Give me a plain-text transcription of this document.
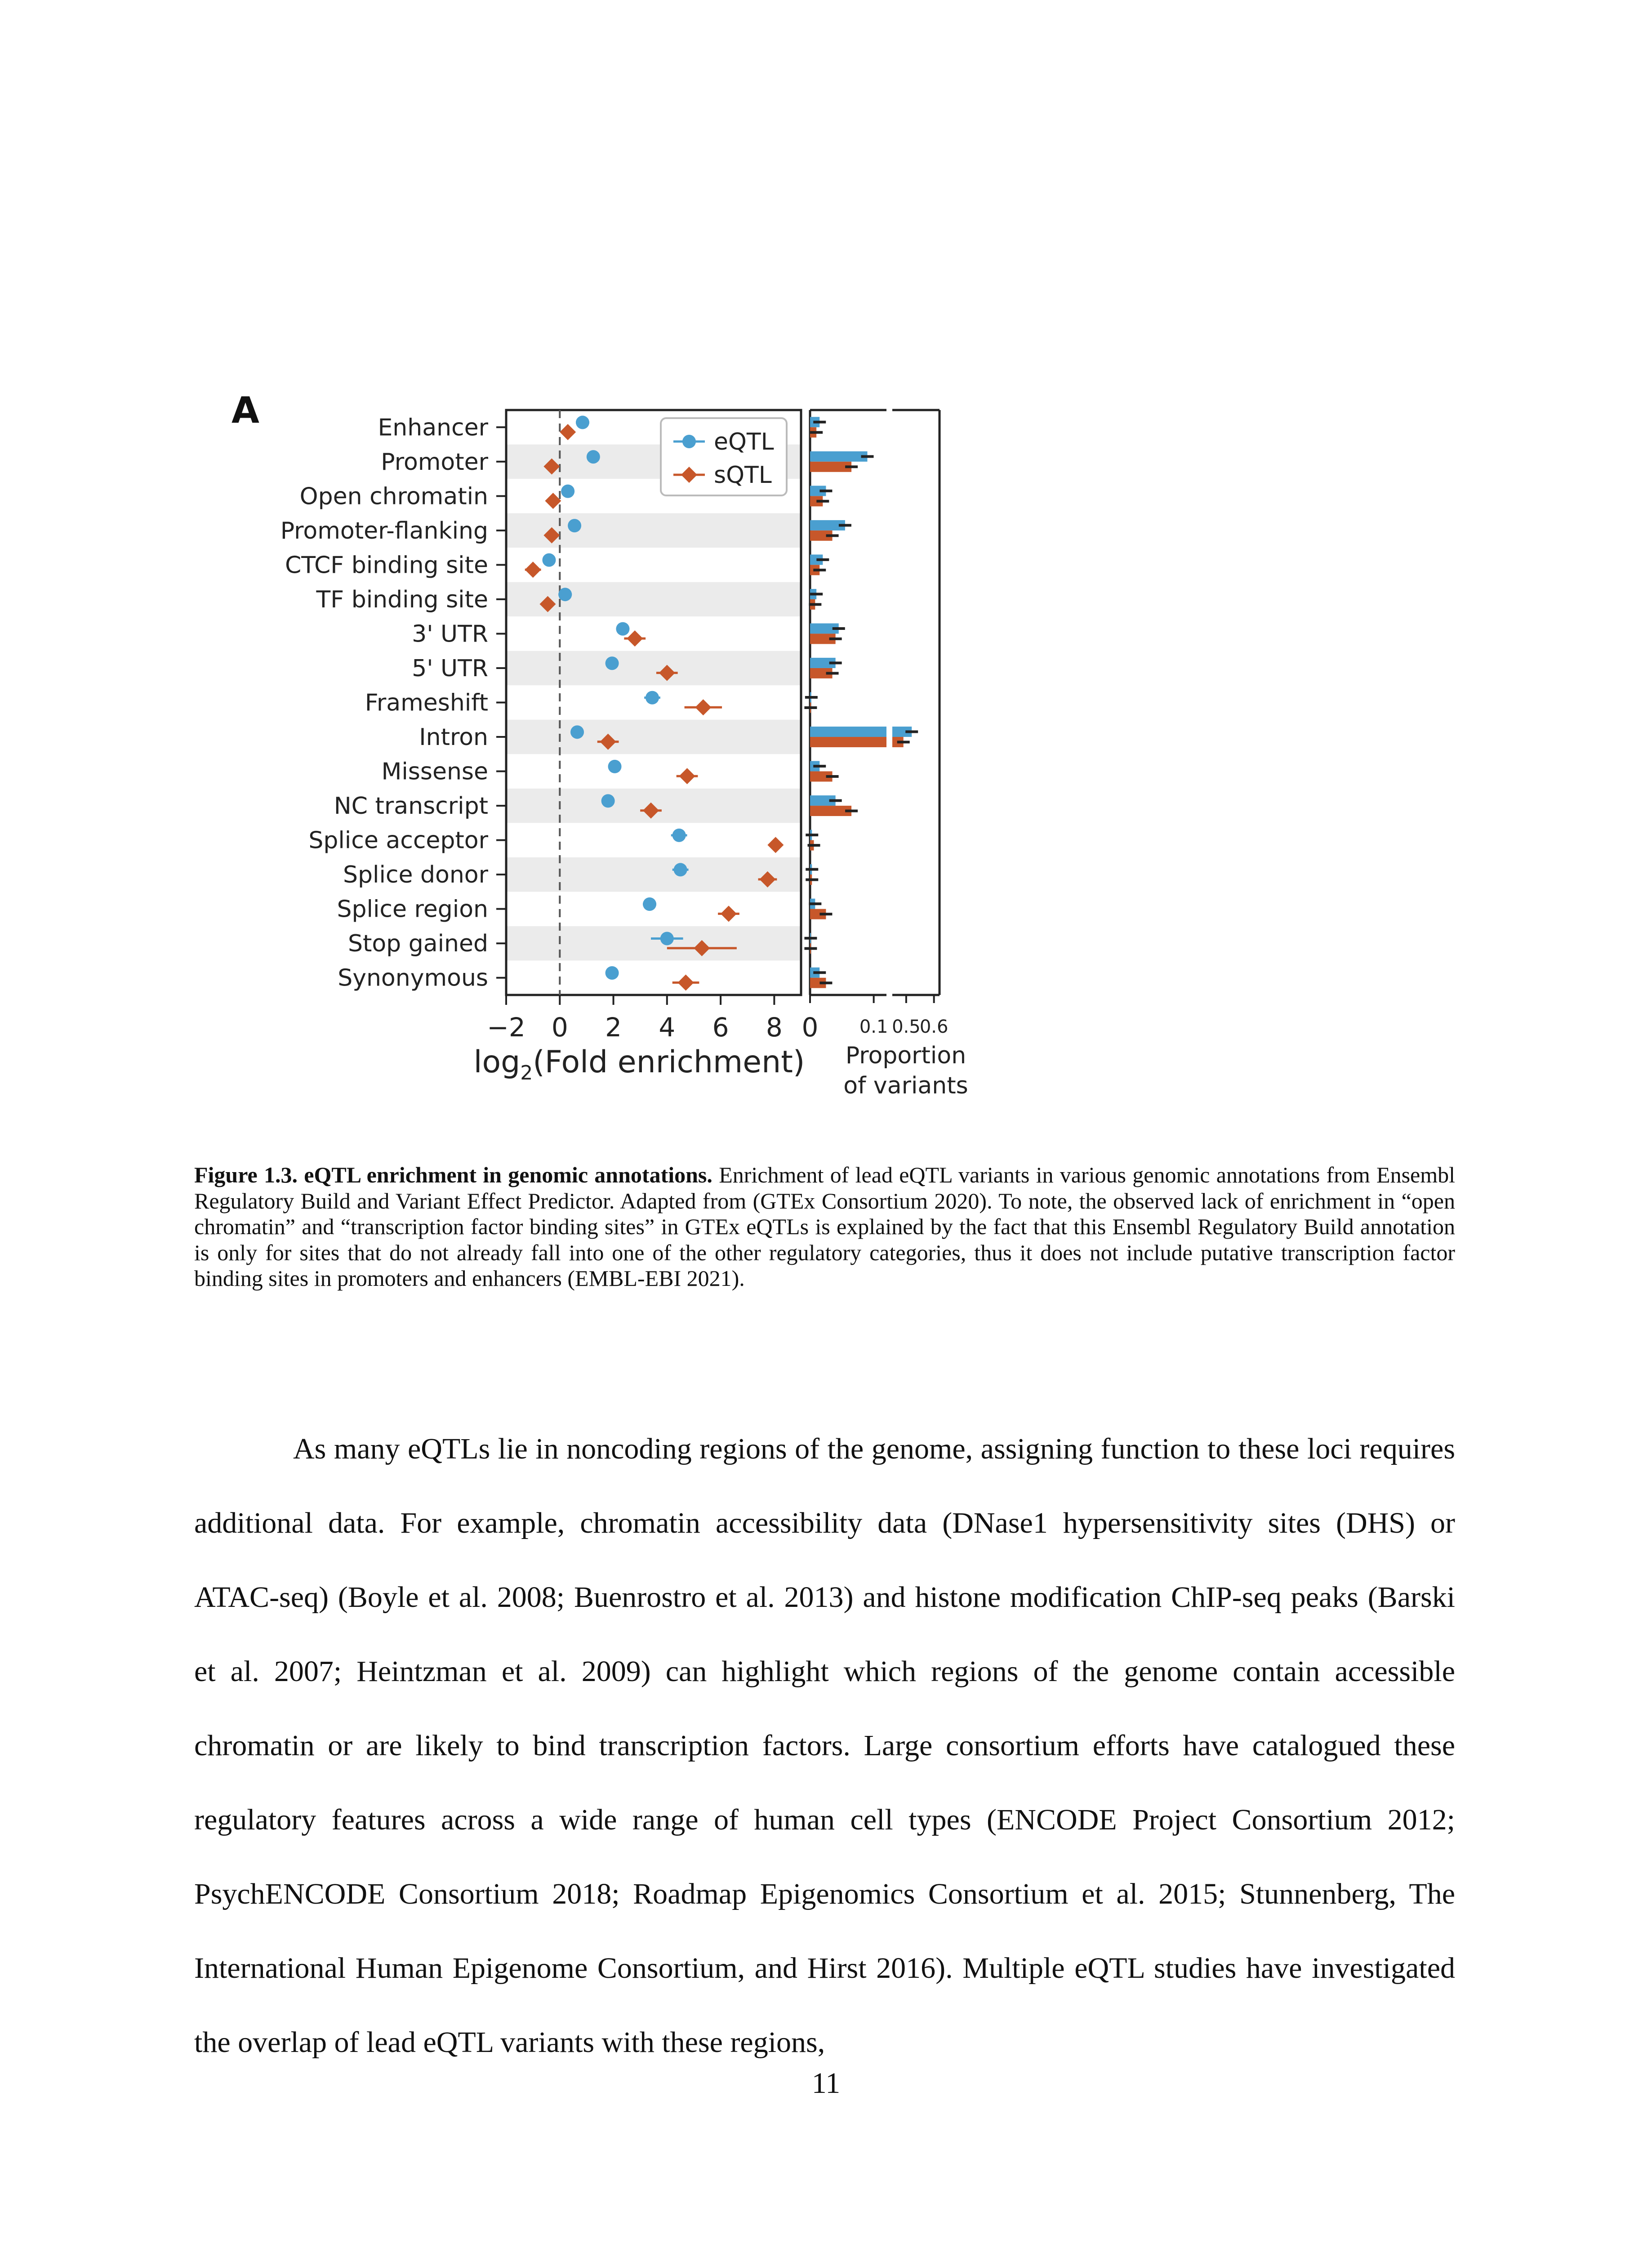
A	Enhancer
Promoter
Open chromatin
Promoter-flanking
CTCF binding site
TF binding site
3' UTR
5' UTR
Frameshift
Intron
Missense
NC transcript
Splice acceptor
Splice donor
Splice region
Stop gained
Synonymous
−2 0 2 4 6 8 0 0.1 0.5
0.6
eQTL
sQTL
$\log_2(Fold$ enrichment) Proportion
of variants
Figure 1.3. eQTL enrichment in genomic annotations. Enrichment of lead eQTL variants in various genomic annotations from Ensembl Regulatory Build and Variant Effect Predictor. Adapted from (GTEx Consortium 2020). To note, the observed lack of enrichment in “open chromatin” and “transcription factor binding sites” in GTEx eQTLs is explained by the fact that this Ensembl Regulatory Build annotation is only for sites that do not already fall into one of the other regulatory categories, thus it does not include putative transcription factor binding sites in promoters and enhancers (EMBL-EBI 2021).

As many eQTLs lie in noncoding regions of the genome, assigning function to these loci requires additional data. For example, chromatin accessibility data (DNase1 hypersensitivity sites (DHS) or ATAC-seq) (Boyle et al. 2008; Buenrostro et al. 2013) and histone modification ChIP-seq peaks (Barski et al. 2007; Heintzman et al. 2009) can highlight which regions of the genome contain accessible chromatin or are likely to bind transcription factors. Large consortium efforts have catalogued these regulatory features across a wide range of human cell types (ENCODE Project Consortium 2012; PsychENCODE Consortium 2018; Roadmap Epigenomics Consortium et al. 2015; Stunnenberg, The International Human Epigenome Consortium, and Hirst 2016). Multiple eQTL studies have investigated the overlap of lead eQTL variants with these regions,

11
